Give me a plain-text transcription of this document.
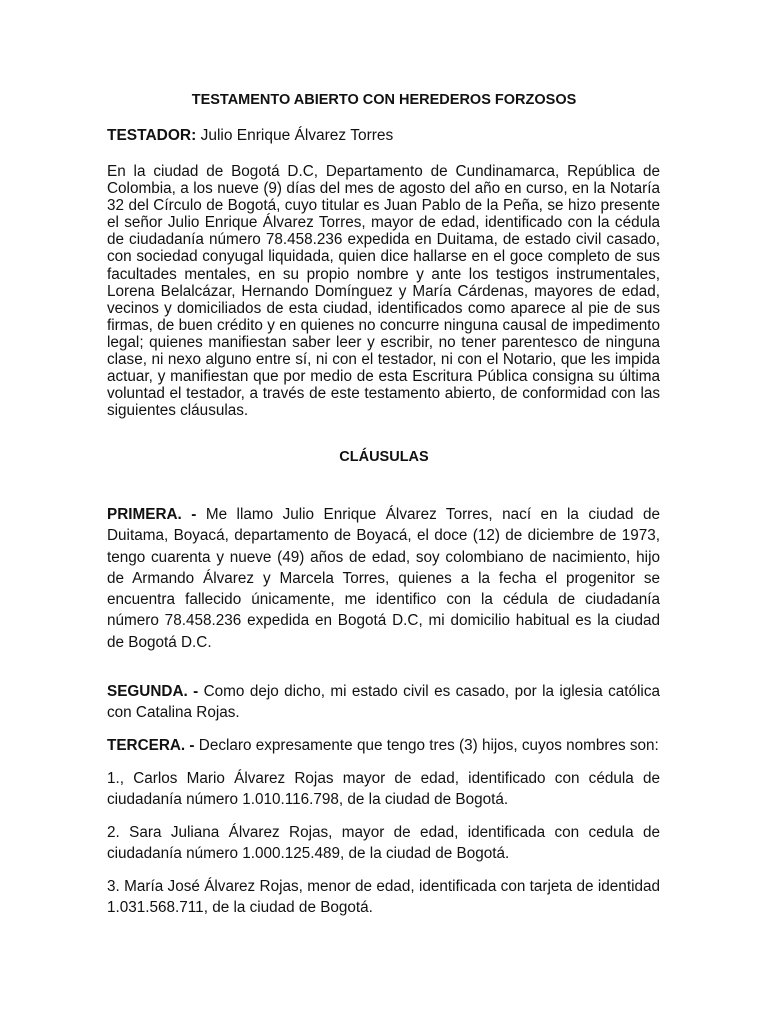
TESTAMENTO ABIERTO CON HEREDEROS FORZOSOS
TESTADOR: Julio Enrique Álvarez Torres

En la ciudad de Bogotá D.C, Departamento de Cundinamarca, República de Colombia, a los nueve (9) días del mes de agosto del año en curso, en la Notaría 32 del Círculo de Bogotá, cuyo titular es Juan Pablo de la Peña, se hizo presente el señor Julio Enrique Álvarez Torres, mayor de edad, identificado con la cédula de ciudadanía número 78.458.236 expedida en Duitama, de estado civil casado, con sociedad conyugal liquidada, quien dice hallarse en el goce completo de sus facultades mentales, en su propio nombre y ante los testigos instrumentales, Lorena Belalcázar, Hernando Domínguez y María Cárdenas, mayores de edad, vecinos y domiciliados de esta ciudad, identificados como aparece al pie de sus firmas, de buen crédito y en quienes no concurre ninguna causal de impedimento legal; quienes manifiestan saber leer y escribir, no tener parentesco de ninguna clase, ni nexo alguno entre sí, ni con el testador, ni con el Notario, que les impida actuar, y manifiestan que por medio de esta Escritura Pública consigna su última voluntad el testador, a través de este testamento abierto, de conformidad con las siguientes cláusulas.

CLÁUSULAS

PRIMERA. - Me llamo Julio Enrique Álvarez Torres, nací en la ciudad de Duitama, Boyacá, departamento de Boyacá, el doce (12) de diciembre de 1973, tengo cuarenta y nueve (49) años de edad, soy colombiano de nacimiento, hijo de Armando Álvarez y Marcela Torres, quienes a la fecha el progenitor se encuentra fallecido únicamente, me identifico con la cédula de ciudadanía número 78.458.236 expedida en Bogotá D.C, mi domicilio habitual es la ciudad de Bogotá D.C.

SEGUNDA. - Como dejo dicho, mi estado civil es casado, por la iglesia católica con Catalina Rojas.

TERCERA. - Declaro expresamente que tengo tres (3) hijos, cuyos nombres son:

1., Carlos Mario Álvarez Rojas mayor de edad, identificado con cédula de ciudadanía número 1.010.116.798, de la ciudad de Bogotá.

2. Sara Juliana Álvarez Rojas, mayor de edad, identificada con cedula de ciudadanía número 1.000.125.489, de la ciudad de Bogotá.

3. María José Álvarez Rojas, menor de edad, identificada con tarjeta de identidad 1.031.568.711, de la ciudad de Bogotá.
